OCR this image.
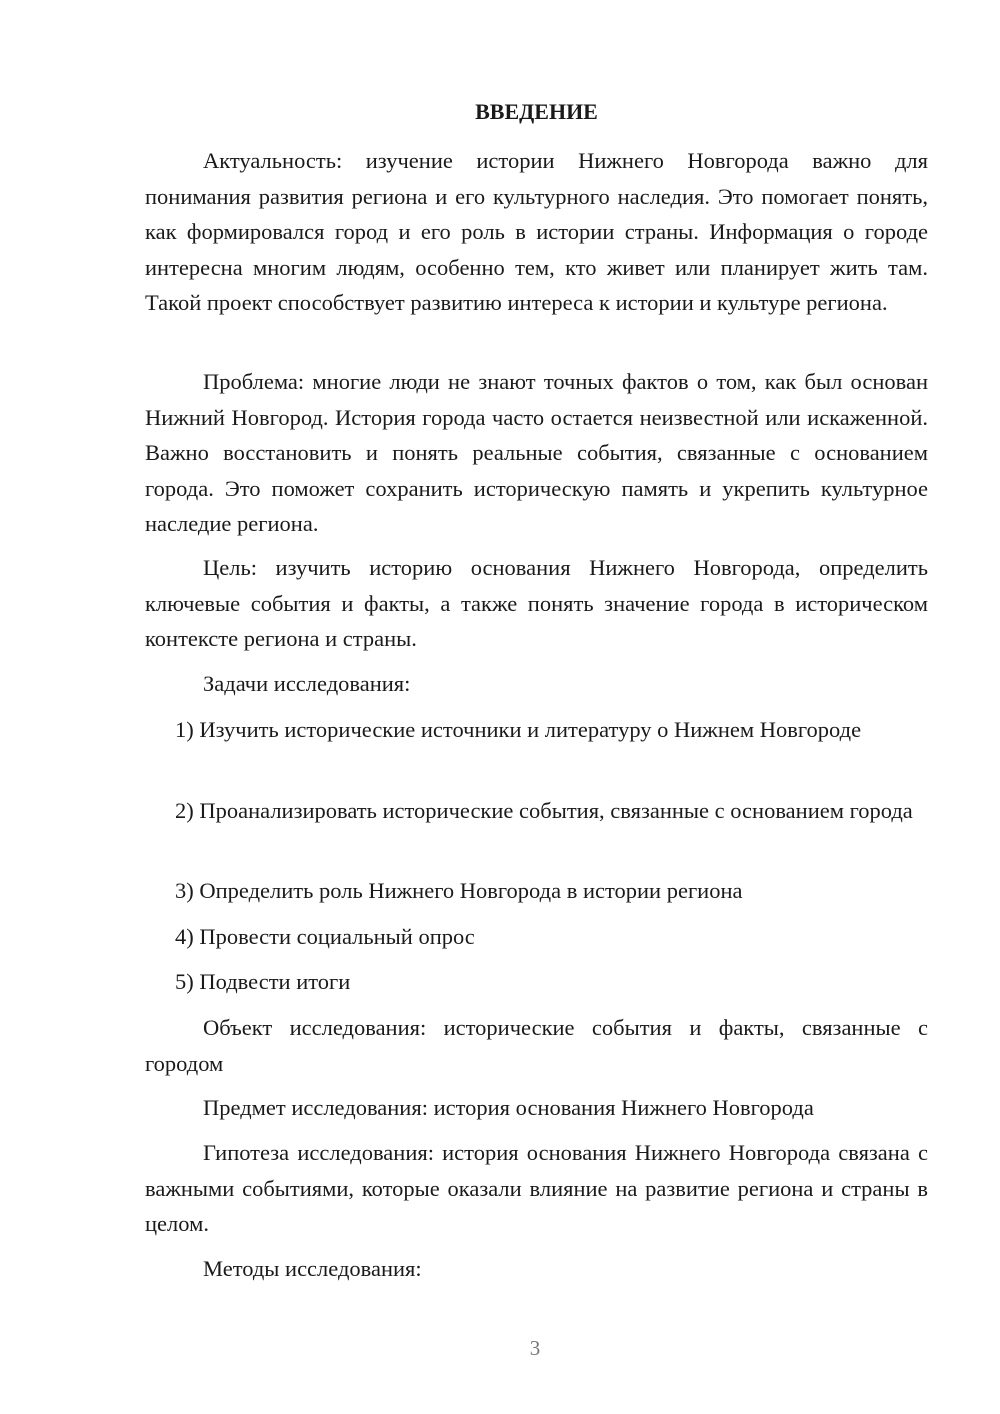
ВВЕДЕНИЕ

Актуальность: изучение истории Нижнего Новгорода важно для понимания развития региона и его культурного наследия. Это помогает понять, как формировался город и его роль в истории страны. Информация о городе интересна многим людям, особенно тем, кто живет или планирует жить там. Такой проект способствует развитию интереса к истории и культуре региона.

Проблема: многие люди не знают точных фактов о том, как был основан Нижний Новгород. История города часто остается неизвестной или искаженной. Важно восстановить и понять реальные события, связанные с основанием города. Это поможет сохранить историческую память и укрепить культурное наследие региона.

Цель: изучить историю основания Нижнего Новгорода, определить ключевые события и факты, а также понять значение города в историческом контексте региона и страны.

Задачи исследования:

1) Изучить исторические источники и литературу о Нижнем Новгороде

2) Проанализировать исторические события, связанные с основанием города

3) Определить роль Нижнего Новгорода в истории региона

4) Провести социальный опрос

5) Подвести итоги

Объект исследования: исторические события и факты, связанные с городом

Предмет исследования: история основания Нижнего Новгорода

Гипотеза исследования: история основания Нижнего Новгорода связана с важными событиями, которые оказали влияние на развитие региона и страны в целом.

Методы исследования:

3
